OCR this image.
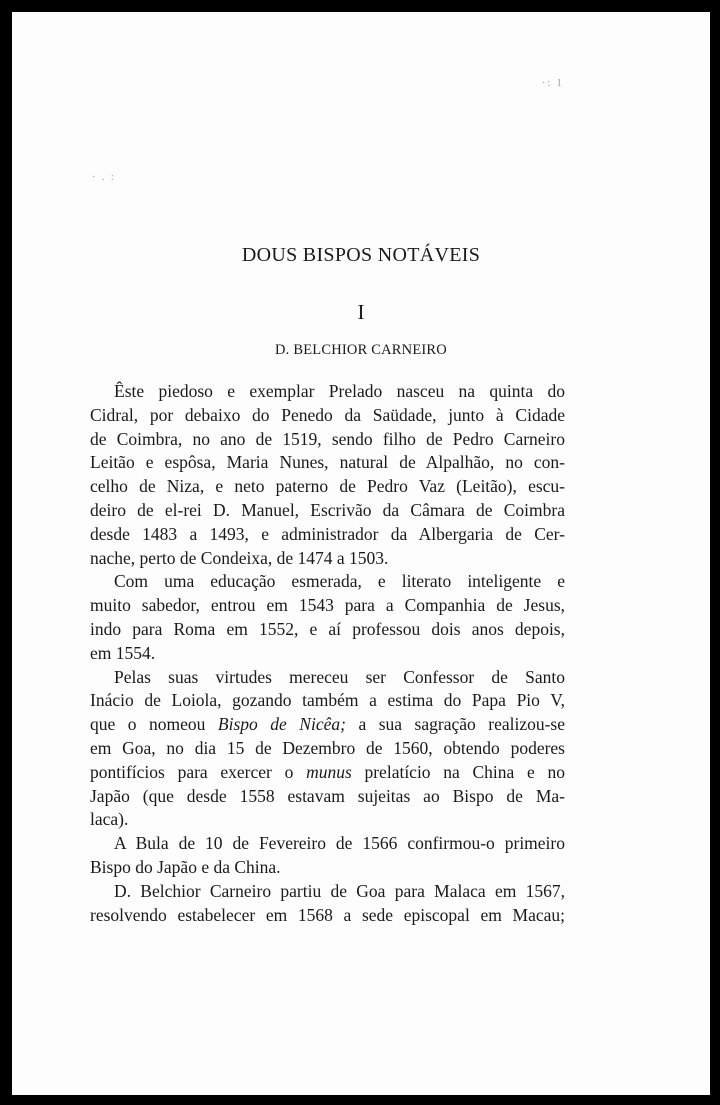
·: 1
· . :
DOUS BISPOS NOTÁVEIS
I
D. BELCHIOR CARNEIRO
Êste piedoso e exemplar Prelado nasceu na quinta do
Cidral, por debaixo do Penedo da Saüdade, junto à Cidade
de Coimbra, no ano de 1519, sendo filho de Pedro Carneiro
Leitão e espôsa, Maria Nunes, natural de Alpalhão, no con-
celho de Niza, e neto paterno de Pedro Vaz (Leitão), escu-
deiro de el-rei D. Manuel, Escrivão da Câmara de Coimbra
desde 1483 a 1493, e administrador da Albergaria de Cer-
nache, perto de Condeixa, de 1474 a 1503.
Com uma educação esmerada, e literato inteligente e
muito sabedor, entrou em 1543 para a Companhia de Jesus,
indo para Roma em 1552, e aí professou dois anos depois,
em 1554.
Pelas suas virtudes mereceu ser Confessor de Santo
Inácio de Loiola, gozando também a estima do Papa Pio V,
que o nomeou Bispo de Nicêa; a sua sagração realizou-se
em Goa, no dia 15 de Dezembro de 1560, obtendo poderes
pontifícios para exercer o munus prelatício na China e no
Japão (que desde 1558 estavam sujeitas ao Bispo de Ma-
laca).
A Bula de 10 de Fevereiro de 1566 confirmou-o primeiro
Bispo do Japão e da China.
D. Belchior Carneiro partiu de Goa para Malaca em 1567,
resolvendo estabelecer em 1568 a sede episcopal em Macau;
